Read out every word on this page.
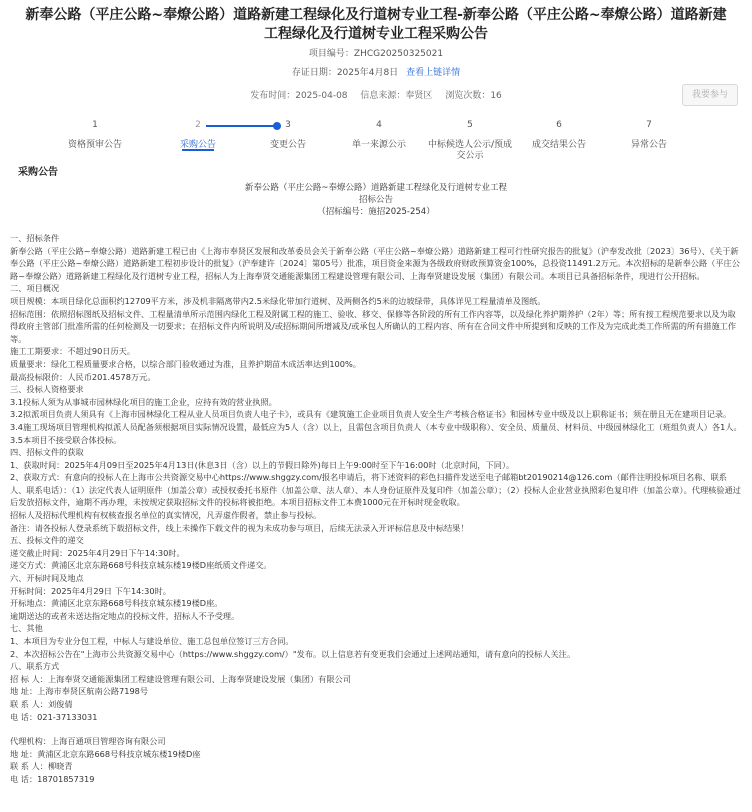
新奉公路（平庄公路~奉燎公路）道路新建工程绿化及行道树专业工程-新奉公路（平庄公路~奉燎公路）道路新建工程绿化及行道树专业工程采购公告
项目编号：ZHCG20250325021
存证日期：2025年4月8日 查看上链详情
发布时间：2025-04-08 信息来源：奉贤区 浏览次数：16	我要参与
1
资格预审公告
2
采购公告
3
变更公告
4
单一来源公示
5
中标候选人公示/预成交公示
6
成交结果公告
7
异常公告
采购公告
新奉公路（平庄公路~奉燎公路）道路新建工程绿化及行道树专业工程
招标公告
（招标编号：施招2025-254）

一、招标条件

新奉公路（平庄公路~奉燎公路）道路新建工程已由《上海市奉贤区发展和改革委员会关于新奉公路（平庄公路~奉燎公路）道路新建工程可行性研究报告的批复》（沪奉发改批〔2023〕36号）、《关于新奉公路（平庄公路~奉燎公路）道路新建工程初步设计的批复》（沪奉建许〔2024〕第05号）批准，项目资金来源为各级政府财政预算资金100%，总投资11491.2万元。本次招标的是新奉公路（平庄公路~奉燎公路）道路新建工程绿化及行道树专业工程，招标人为上海奉贤交通能源集团工程建设管理有限公司、上海奉贤建设发展（集团）有限公司。本项目已具备招标条件，现进行公开招标。

二、项目概况

项目规模：本项目绿化总面积约12709平方米，涉及机非隔离带内2.5米绿化带加行道树、及两侧各约5米的边坡绿带，具体详见工程量清单及图纸。

招标范围：依照招标图纸及招标文件、工程量清单所示范围内绿化工程及附属工程的施工、验收、移交、保修等各阶段的所有工作内容等，以及绿化养护期养护（2年）等；所有按工程规范要求以及为取得政府主管部门批准所需的任何检测及一切要求；在招标文件内所说明及/或招标期间所增减及/或承包人所确认的工程内容、所有在合同文件中所提到和反映的工作及为完成此类工作所需的所有措施工作等。

施工工期要求：不超过90日历天。

质量要求：绿化工程质量要求合格，以综合部门验收通过为准，且养护期苗木成活率达到100%。

最高投标限价：人民币201.4578万元。

三、投标人资格要求

3.1投标人须为从事城市园林绿化项目的施工企业，应持有效的营业执照。

3.2拟派项目负责人须具有《上海市园林绿化工程从业人员项目负责人电子卡》，或具有《建筑施工企业项目负责人安全生产考核合格证书》和园林专业中级及以上职称证书；须在册且无在建项目记录。

3.4施工现场项目管理机构拟派人员配备须根据项目实际情况设置，最低应为5人（含）以上，且需包含项目负责人（本专业中级职称）、安全员、质量员、材料员、中级园林绿化工（班组负责人）各1人。

3.5本项目不接受联合体投标。

四、招标文件的获取

1、获取时间：2025年4月09日至2025年4月13日(休息3日（含）以上的节假日除外)每日上午9:00时至下午16:00时（北京时间，下同）。

2、获取方式：有意向的投标人在上海市公共资源交易中心https://www.shggzy.com/报名申请后，将下述资料的彩色扫描件发送至电子邮箱bt20190214@126.com（邮件注明投标项目名称、联系人、联系电话）：（1）法定代表人证明原件（加盖公章）或授权委托书原件（加盖公章、法人章）、本人身份证原件及复印件（加盖公章）；（2）投标人企业营业执照彩色复印件（加盖公章）。代理核验通过后发放招标文件，逾期不再办理，未按规定获取招标文件的投标将被拒绝。本项目招标文件工本费1000元在开标时现金收取。

招标人及招标代理机构有权核查报名单位的真实情况，凡弄虚作假者，禁止参与投标。

备注：请各投标人登录系统下载招标文件，线上未操作下载文件的视为未成功参与项目，后续无法录入开评标信息及中标结果！

五、投标文件的递交

递交截止时间：2025年4月29日下午14:30时。

递交方式：黄浦区北京东路668号科技京城东楼19楼D座纸质文件递交。

六、开标时间及地点

开标时间：2025年4月29日 下午14:30时。

开标地点：黄浦区北京东路668号科技京城东楼19楼D座。

逾期送达的或者未送达指定地点的投标文件，招标人不予受理。

七、其他

1、本项目为专业分包工程，中标人与建设单位、施工总包单位签订三方合同。

2、本次招标公告在"上海市公共资源交易中心（https://www.shggzy.com/）"发布。以上信息若有变更我们会通过上述网站通知，请有意向的投标人关注。

八、联系方式

招 标 人：上海奉贤交通能源集团工程建设管理有限公司、上海奉贤建设发展（集团）有限公司

地 址：上海市奉贤区航南公路7198号

联 系 人：刘俊倩

电 话：021-37133031

代理机构：上海百通项目管理咨询有限公司

地 址：黄浦区北京东路668号科技京城东楼19楼D座

联 系 人：柳晓青

电 话：18701857319
